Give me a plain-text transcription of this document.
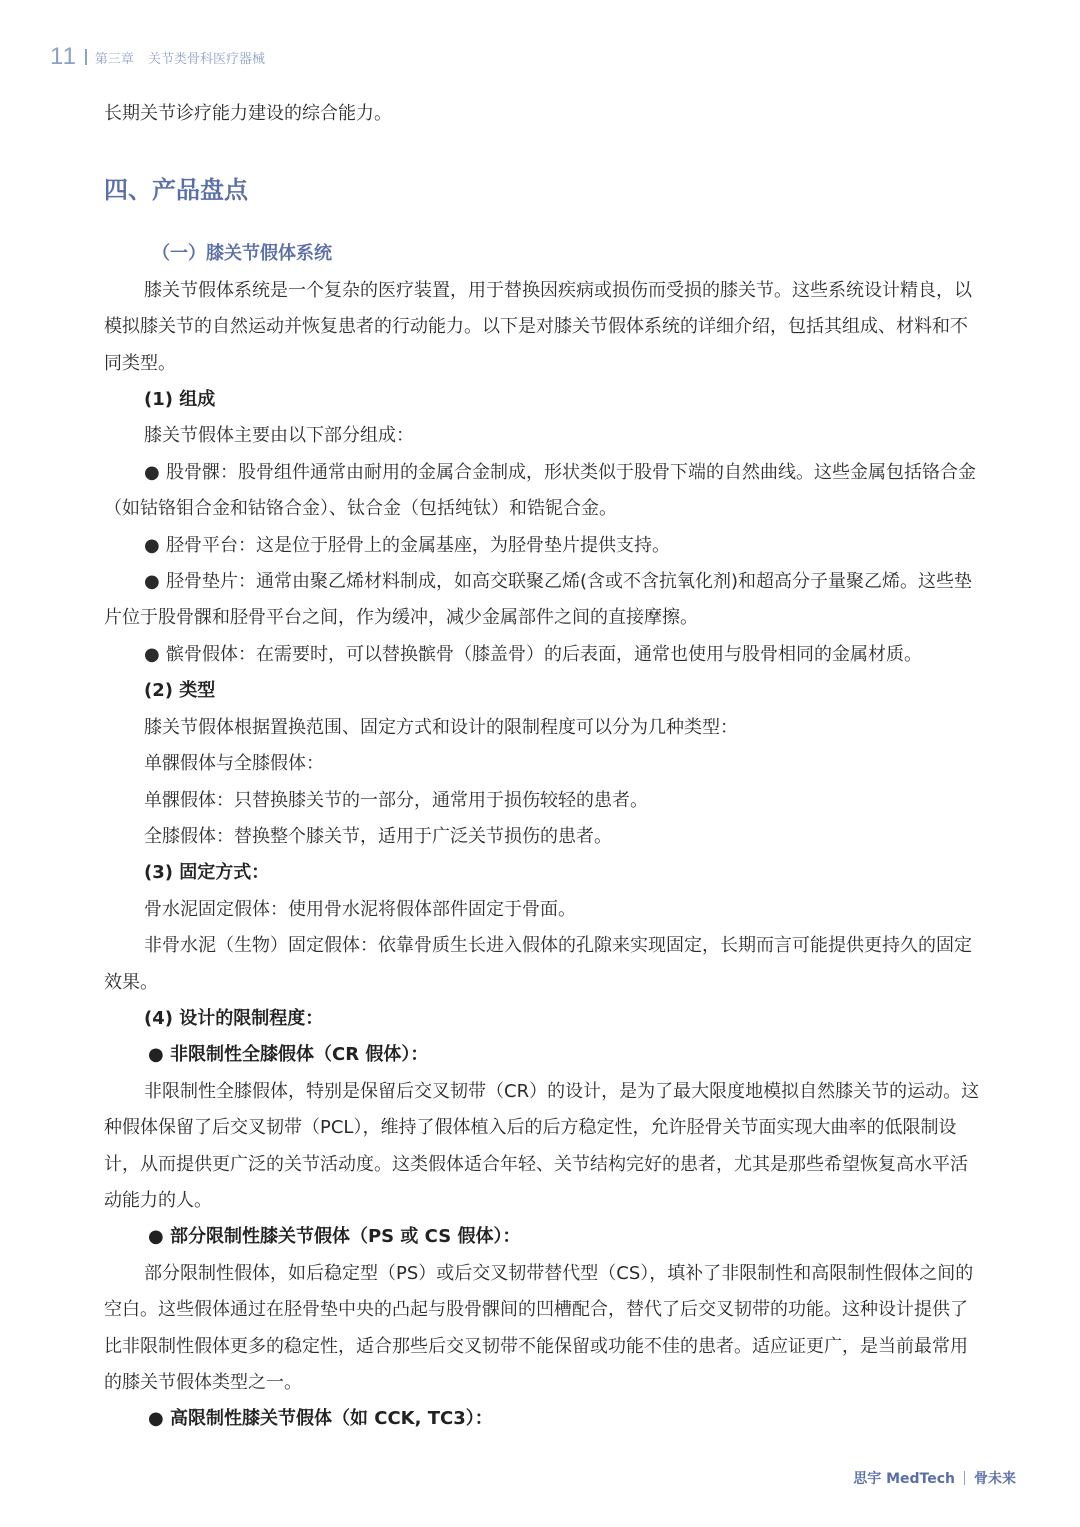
11 第三章 关节类骨科医疗器械

长期关节诊疗能力建设的综合能力。

四、产品盘点
（一）膝关节假体系统

膝关节假体系统是一个复杂的医疗装置，用于替换因疾病或损伤而受损的膝关节。这些系统设计精良，以模拟膝关节的自然运动并恢复患者的行动能力。以下是对膝关节假体系统的详细介绍，包括其组成、材料和不同类型。

(1) 组成

膝关节假体主要由以下部分组成：

● 股骨髁：股骨组件通常由耐用的金属合金制成，形状类似于股骨下端的自然曲线。这些金属包括铬合金（如钴铬钼合金和钴铬合金）、钛合金（包括纯钛）和锆铌合金。

● 胫骨平台：这是位于胫骨上的金属基座，为胫骨垫片提供支持。

● 胫骨垫片：通常由聚乙烯材料制成，如高交联聚乙烯(含或不含抗氧化剂)和超高分子量聚乙烯。这些垫片位于股骨髁和胫骨平台之间，作为缓冲，减少金属部件之间的直接摩擦。

● 髌骨假体：在需要时，可以替换髌骨（膝盖骨）的后表面，通常也使用与股骨相同的金属材质。

(2) 类型

膝关节假体根据置换范围、固定方式和设计的限制程度可以分为几种类型：

单髁假体与全膝假体：

单髁假体：只替换膝关节的一部分，通常用于损伤较轻的患者。

全膝假体：替换整个膝关节，适用于广泛关节损伤的患者。

(3) 固定方式：

骨水泥固定假体：使用骨水泥将假体部件固定于骨面。

非骨水泥（生物）固定假体：依靠骨质生长进入假体的孔隙来实现固定，长期而言可能提供更持久的固定效果。

(4) 设计的限制程度：

● 非限制性全膝假体（CR 假体）：

非限制性全膝假体，特别是保留后交叉韧带（CR）的设计，是为了最大限度地模拟自然膝关节的运动。这种假体保留了后交叉韧带（PCL），维持了假体植入后的后方稳定性，允许胫骨关节面实现大曲率的低限制设计，从而提供更广泛的关节活动度。这类假体适合年轻、关节结构完好的患者，尤其是那些希望恢复高水平活动能力的人。

● 部分限制性膝关节假体（PS 或 CS 假体）：

部分限制性假体，如后稳定型（PS）或后交叉韧带替代型（CS），填补了非限制性和高限制性假体之间的空白。这些假体通过在胫骨垫中央的凸起与股骨髁间的凹槽配合，替代了后交叉韧带的功能。这种设计提供了比非限制性假体更多的稳定性，适合那些后交叉韧带不能保留或功能不佳的患者。适应证更广，是当前最常用的膝关节假体类型之一。

● 高限制性膝关节假体（如 CCK, TC3）：

思宇 MedTech 骨未来
